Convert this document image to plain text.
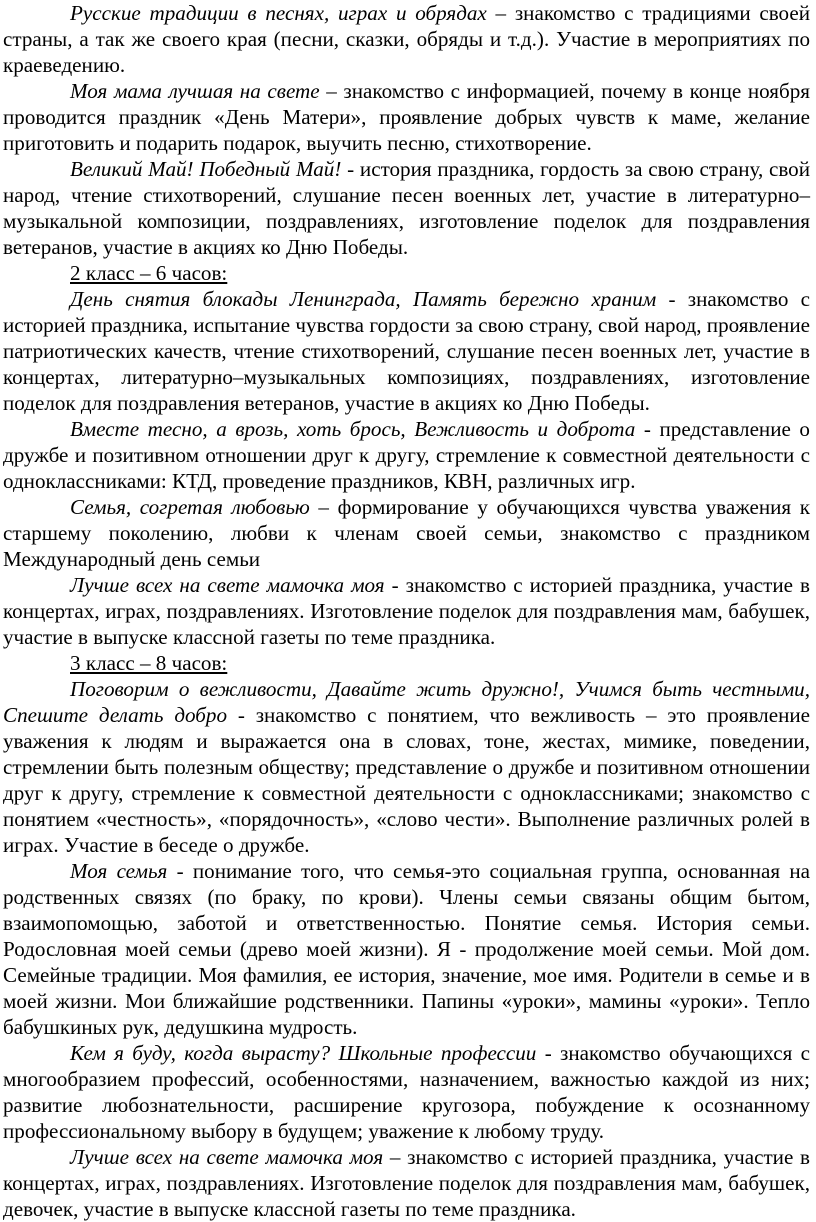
Русские традиции в песнях, играх и обрядах – знакомство с традициями своей страны, а так же своего края (песни, сказки, обряды и т.д.). Участие в мероприятиях по краеведению.

Моя мама лучшая на свете – знакомство с информацией, почему в конце ноября проводится праздник «День Матери», проявление добрых чувств к маме, желание приготовить и подарить подарок, выучить песню, стихотворение.

Великий Май! Победный Май! - история праздника, гордость за свою страну, свой народ, чтение стихотворений, слушание песен военных лет, участие в литературно–музыкальной композиции, поздравлениях, изготовление поделок для поздравления ветеранов, участие в акциях ко Дню Победы.

2 класс – 6 часов:

День снятия блокады Ленинграда, Память бережно храним - знакомство с историей праздника, испытание чувства гордости за свою страну, свой народ, проявление патриотических качеств, чтение стихотворений, слушание песен военных лет, участие в концертах, литературно–музыкальных композициях, поздравлениях, изготовление поделок для поздравления ветеранов, участие в акциях ко Дню Победы.

Вместе тесно, а врозь, хоть брось, Вежливость и доброта - представление о дружбе и позитивном отношении друг к другу, стремление к совместной деятельности с одноклассниками: КТД, проведение праздников, КВН, различных игр.

Семья, согретая любовью – формирование у обучающихся чувства уважения к старшему поколению, любви к членам своей семьи, знакомство с праздником Международный день семьи

Лучше всех на свете мамочка моя - знакомство с историей праздника, участие в концертах, играх, поздравлениях. Изготовление поделок для поздравления мам, бабушек, участие в выпуске классной газеты по теме праздника.

3 класс – 8 часов:

Поговорим о вежливости, Давайте жить дружно!, Учимся быть честными, Спешите делать добро - знакомство с понятием, что вежливость – это проявление уважения к людям и выражается она в словах, тоне, жестах, мимике, поведении, стремлении быть полезным обществу; представление о дружбе и позитивном отношении друг к другу, стремление к совместной деятельности с одноклассниками; знакомство с понятием «честность», «порядочность», «слово чести». Выполнение различных ролей в играх. Участие в беседе о дружбе.

Моя семья - понимание того, что семья-это социальная группа, основанная на родственных связях (по браку, по крови). Члены семьи связаны общим бытом, взаимопомощью, заботой и ответственностью. Понятие семья. История семьи. Родословная моей семьи (древо моей жизни). Я - продолжение моей семьи. Мой дом. Семейные традиции. Моя фамилия, ее история, значение, мое имя. Родители в семье и в моей жизни. Мои ближайшие родственники. Папины «уроки», мамины «уроки». Тепло бабушкиных рук, дедушкина мудрость.

Кем я буду, когда вырасту? Школьные профессии - знакомство обучающихся с многообразием профессий, особенностями, назначением, важностью каждой из них; развитие любознательности, расширение кругозора, побуждение к осознанному профессиональному выбору в будущем; уважение к любому труду.

Лучше всех на свете мамочка моя – знакомство с историей праздника, участие в концертах, играх, поздравлениях. Изготовление поделок для поздравления мам, бабушек, девочек, участие в выпуске классной газеты по теме праздника.
